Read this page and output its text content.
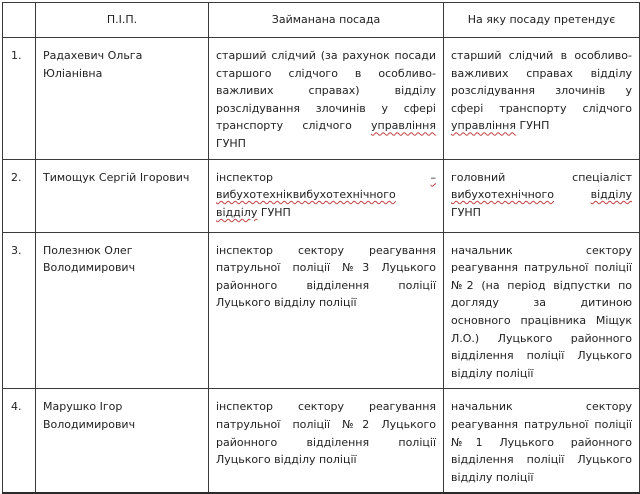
	П.І.П.	Займанана посада	На яку посаду претендує
1.	Радахевич Ольга Юліанівна	старший слідчий (за рахунок посади старшого слідчого в особливо-важливих справах) відділу розслідування злочинів у сфері транспорту слідчого управління ГУНП	старший слідчий в особливо-важливих справах відділу розслідування злочинів у сфері транспорту слідчого управління ГУНП
2.	Тимощук Сергій Ігорович	інспектор – вибухотехніквибухотехнічного відділу ГУНП	головний спеціаліст вибухотехнічного відділу ГУНП
3.	Полезнюк Олег Володимирович	інспектор сектору реагування патрульної поліції №3 Луцького районного відділення поліції Луцького відділу поліції	начальник сектору реагування патрульної поліції №2 (на період відпустки по догляду за дитиною основного працівника Міщук Л.О.) Луцького районного відділення поліції Луцького відділу поліції
4.	Марушко Ігор Володимирович	інспектор сектору реагування патрульної поліції №2 Луцького районного відділення поліції Луцького відділу поліції	начальник сектору реагування патрульної поліції №1 Луцького районного відділення поліції Луцького відділу поліції
